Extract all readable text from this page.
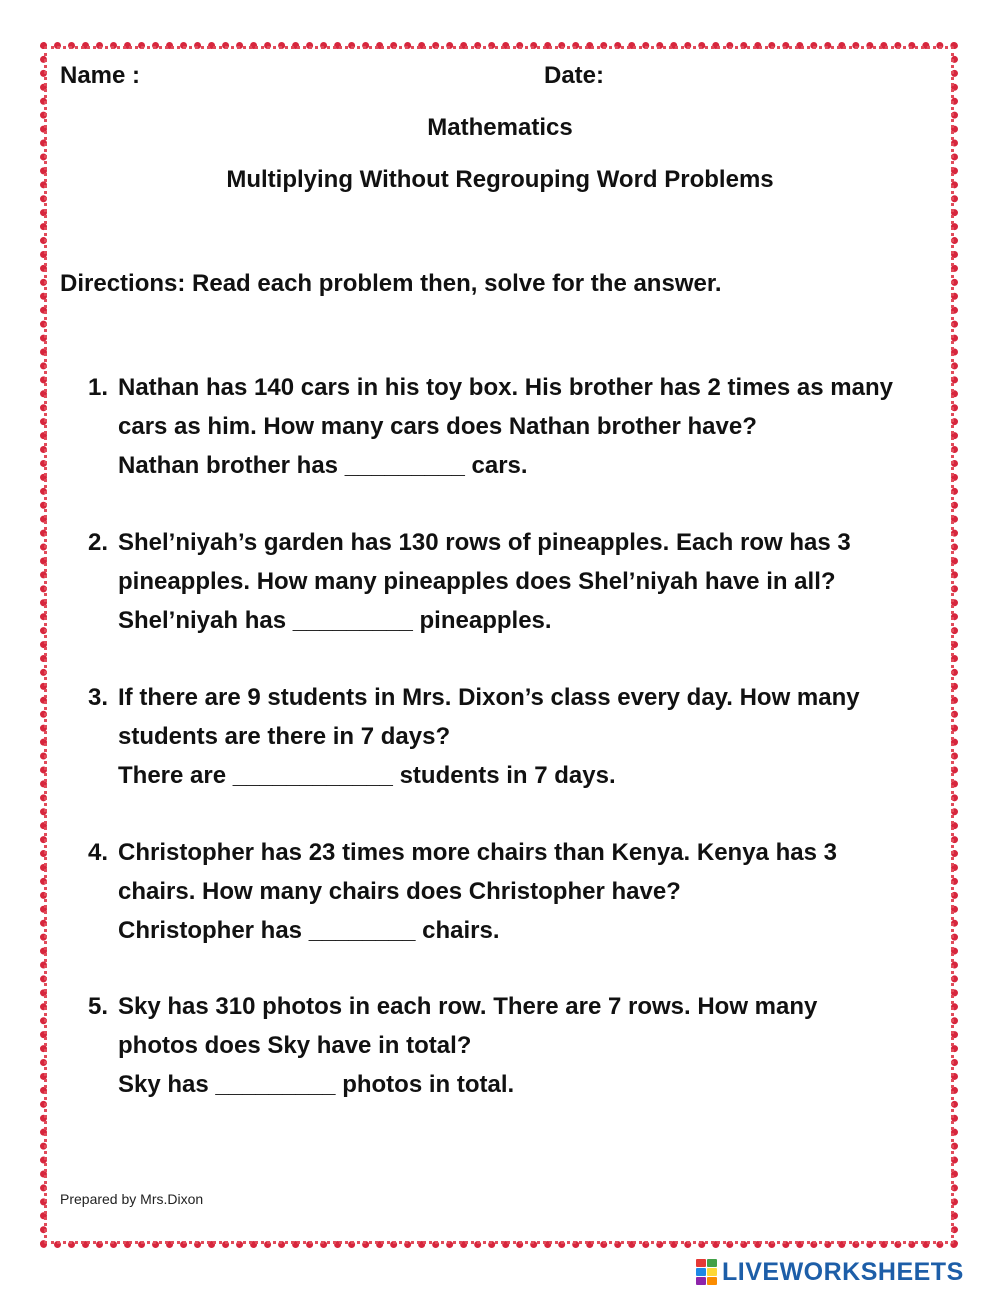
Name :	Date:
Mathematics
Multiplying Without Regrouping Word Problems
Directions: Read each problem then, solve for the answer.
1. Nathan has 140 cars in his toy box. His brother has 2 times as many
cars as him. How many cars does Nathan brother have?
Nathan brother has _________ cars.
2. Shel’niyah’s garden has 130 rows of pineapples. Each row has 3
pineapples. How many pineapples does Shel’niyah have in all?
Shel’niyah has _________ pineapples.
3. If there are 9 students in Mrs. Dixon’s class every day. How many
students are there in 7 days?
There are ____________ students in 7 days.
4. Christopher has 23 times more chairs than Kenya. Kenya has 3
chairs. How many chairs does Christopher have?
Christopher has ________ chairs.
5. Sky has 310 photos in each row. There are 7 rows. How many
photos does Sky have in total?
Sky has _________ photos in total.
Prepared by Mrs.Dixon
LIVEWORKSHEETS
